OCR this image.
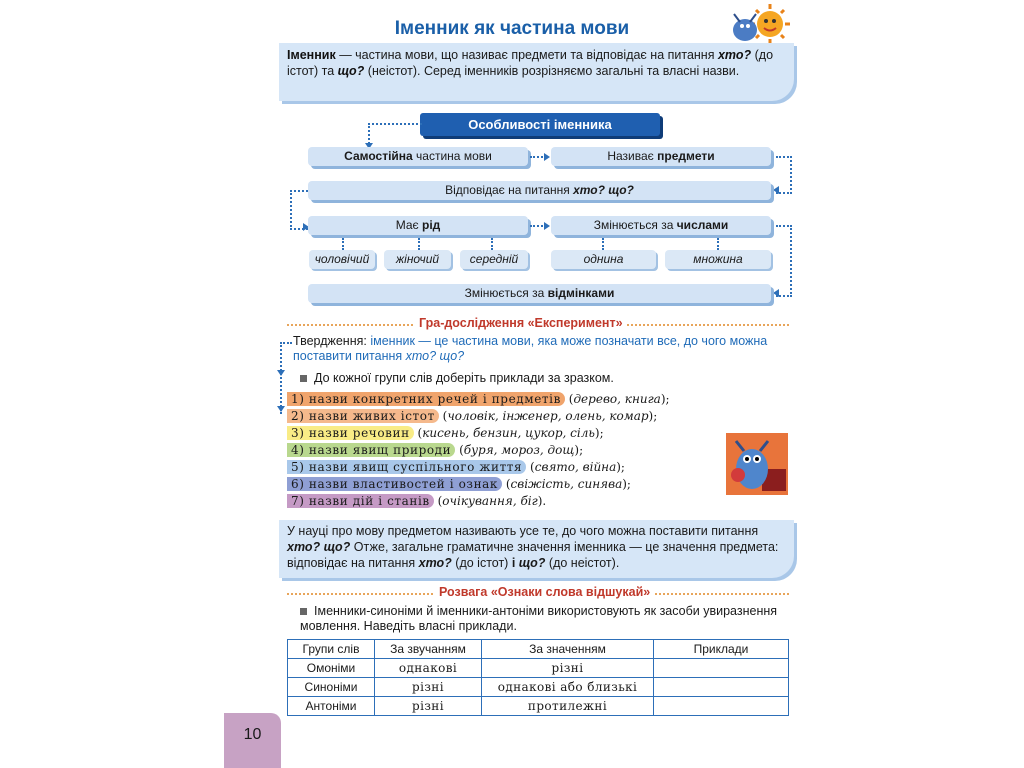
Іменник як частина мови
Іменник — частина мови, що називає предмети та відповідає на питання хто? (до істот) та що? (неістот). Серед іменників розрізняємо загальні та власні назви.
Особливості іменника
Самостійна частина мови	Називає предмети
Відповідає на питання хто? що?
Має рід	Змінюється за числами
чоловічий	жіночий	середній	однина	множина
Змінюється за відмінками
Гра-дослідження «Експеримент»
Твердження: іменник — це частина мови, яка може позначати все, до чого можна поставити питання хто? що?
До кожної групи слів доберіть приклади за зразком.
1) назви конкретних речей і предметів (дерево, книга);
2) назви живих істот (чоловік, інженер, олень, комар);
3) назви речовин (кисень, бензин, цукор, сіль);
4) назви явищ природи (буря, мороз, дощ);
5) назви явищ суспільного життя (свято, війна);
6) назви властивостей і ознак (свіжість, синява);
7) назви дій і станів (очікування, біг).
У науці про мову предметом називають усе те, до чого можна поставити питання хто? що? Отже, загальне граматичне значення іменника — це значення предмета: відповідає на питання хто? (до істот) і що? (до неістот).
Розвага «Ознаки слова відшукай»
Іменники-синоніми й іменники-антоніми використовують як засоби увиразнення мовлення. Наведіть власні приклади.
Групи слів	За звучанням	За значенням	Приклади
Омоніми	однакові	різні	
Синоніми	різні	однакові або близькі	
Антоніми	різні	протилежні	
10
